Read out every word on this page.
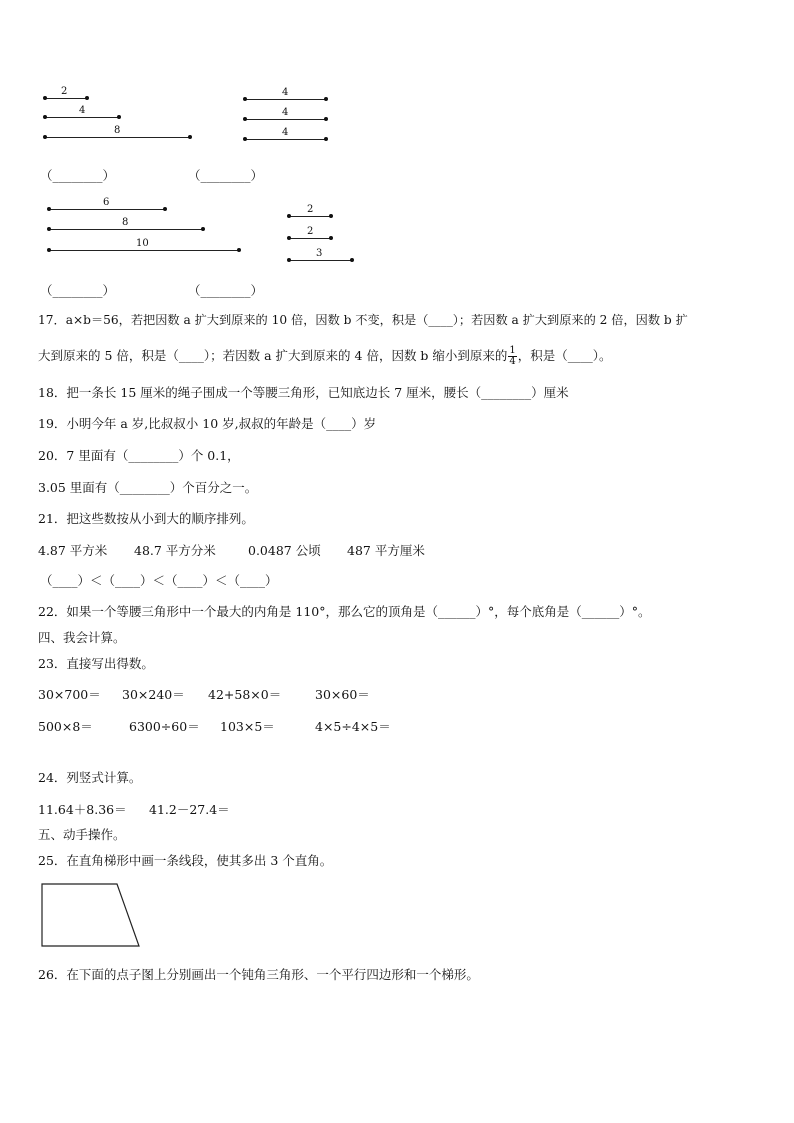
2
4
8
4
4
4
（________）	（________）
6
8
10
2
2
3
（________）	（________）
17．a×b＝56，若把因数 a 扩大到原来的 10 倍，因数 b 不变，积是（____）；若因数 a 扩大到原来的 2 倍，因数 b 扩
大到原来的 5 倍，积是（____）；若因数 a 扩大到原来的 4 倍，因数 b 缩小到原来的 $\frac{1}{4}$ ，积是（____）。
18．把一条长 15 厘米的绳子围成一个等腰三角形，已知底边长 7 厘米，腰长（________）厘米
19．小明今年 a 岁,比叔叔小 10 岁,叔叔的年龄是（____）岁
20．7 里面有（________）个 0.1，
3.05 里面有（________）个百分之一。
21．把这些数按从小到大的顺序排列。
4.87 平方米 48.7 平方分米	0.0487 公顷 487 平方厘米
（____）＜（____）＜（____）＜（____）
22．如果一个等腰三角形中一个最大的内角是 110°，那么它的顶角是（______）°，每个底角是（______）°。
四、我会计算。
23．直接写出得数。
30×700＝ 30×240＝ 42+58×0＝	30×60＝
500×8＝	6300÷60＝ 103×5＝	4×5÷4×5＝
24．列竖式计算。
11.64＋8.36＝ 41.2－27.4＝
五、动手操作。
25．在直角梯形中画一条线段，使其多出 3 个直角。
26．在下面的点子图上分别画出一个钝角三角形、一个平行四边形和一个梯形。
